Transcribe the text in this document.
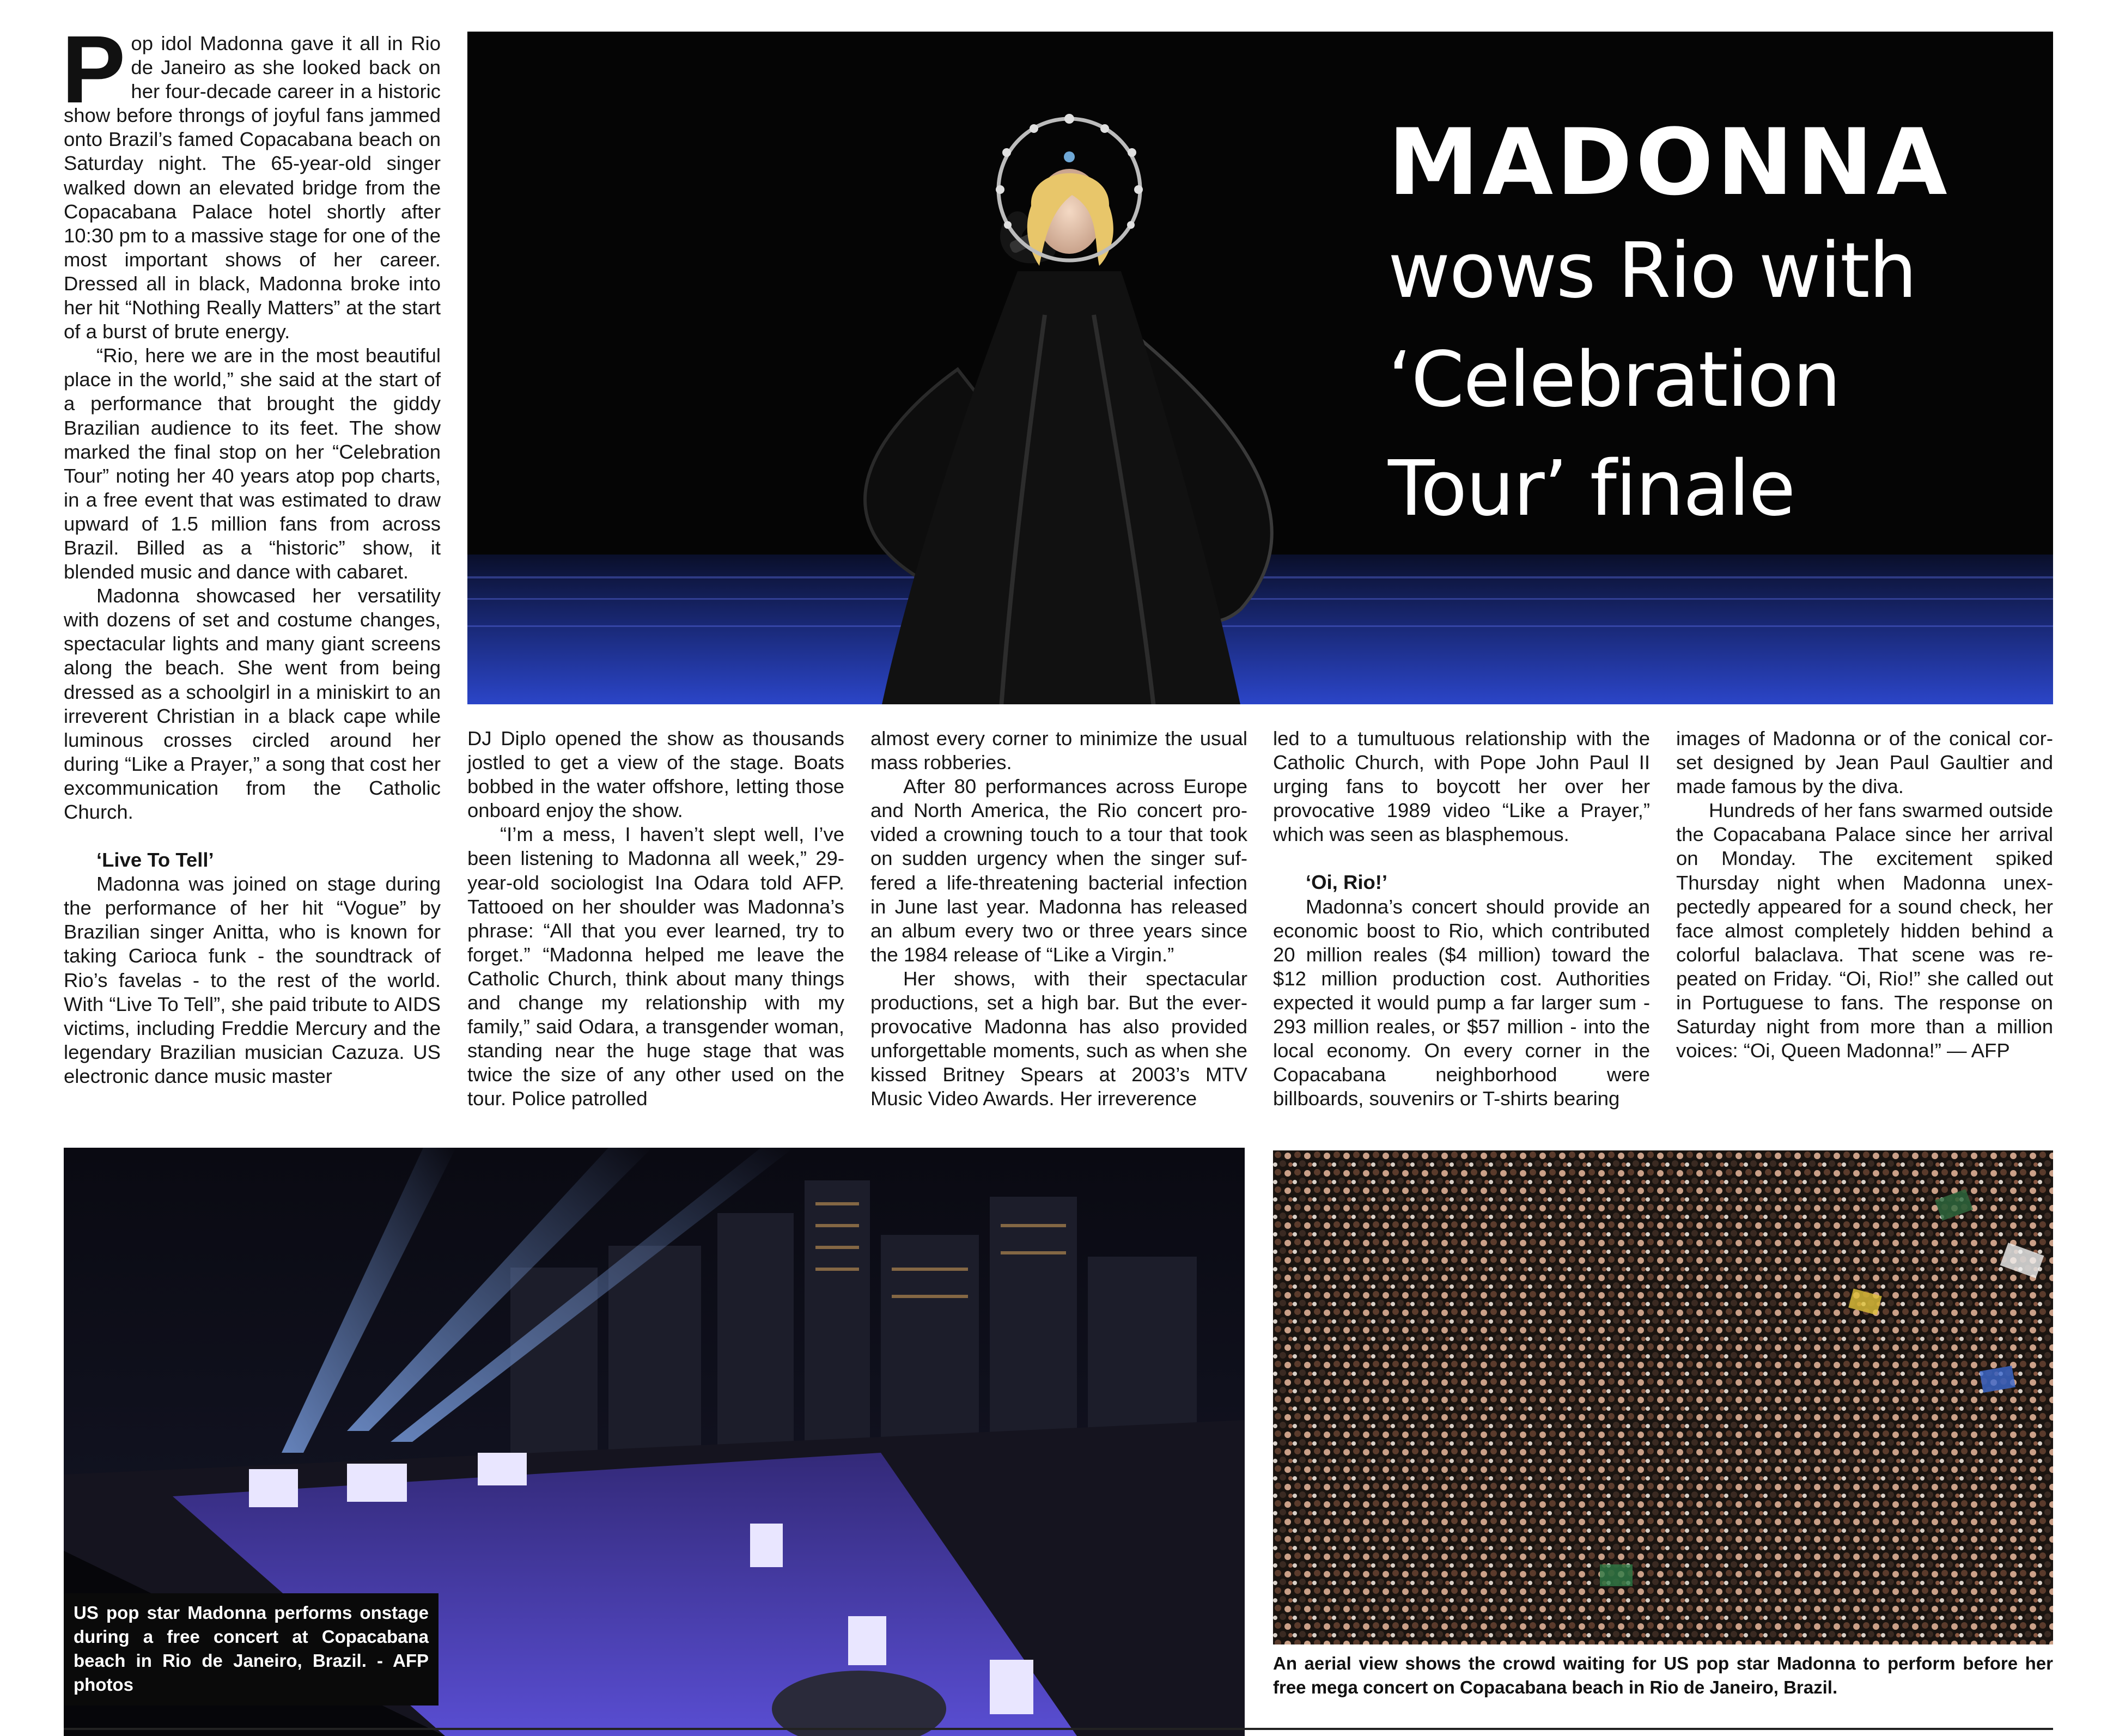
P op idol Madonna gave it all in Rio de Janeiro as she looked back on her four-decade career in a historic show before throngs of joyful fans jammed onto Brazil’s famed Copacabana beach on Saturday night. The 65-year-old singer walked down an elevated bridge from the Copacabana Palace hotel shortly after 10:30 pm to a massive stage for one of the most important shows of her career. Dressed all in black, Madonna broke into her hit “Nothing Really Matters” at the start of a burst of brute energy.

“Rio, here we are in the most beautiful place in the world,” she said at the start of a performance that brought the giddy Brazilian audience to its feet. The show marked the final stop on her “Celebration Tour” noting her 40 years atop pop charts, in a free event that was estimated to draw upward of 1.5 million fans from across Brazil. Billed as a “historic” show, it blended music and dance with cabaret.

Madonna showcased her versatility with dozens of set and costume changes, spectacular lights and many giant screens along the beach. She went from being dressed as a schoolgirl in a miniskirt to an irreverent Christian in a black cape while luminous crosses circled around her during “Like a Prayer,” a song that cost her excommunication from the Catholic Church.

‘Live To Tell’

Madonna was joined on stage during the performance of her hit “Vogue” by Brazilian singer Anitta, who is known for taking Carioca funk - the soundtrack of Rio’s favelas - to the rest of the world. With “Live To Tell”, she paid tribute to AIDS victims, including Freddie Mercury and the legendary Brazilian musician Cazuza. US electronic dance music master

MADONNA
wows Rio with
‘Celebration
Tour’ finale

DJ Diplo opened the show as thousands jostled to get a view of the stage. Boats bobbed in the water offshore, letting those onboard enjoy the show.

“I’m a mess, I haven’t slept well, I’ve been listening to Madonna all week,” 29-year-old sociologist Ina Odara told AFP. Tattooed on her shoulder was Madonna’s phrase: “All that you ever learned, try to forget.” “Madonna helped me leave the Catholic Church, think about many things and change my relationship with my family,” said Odara, a transgender woman, standing near the huge stage that was twice the size of any other used on the tour. Police patrolled

almost every corner to minimize the usual mass robberies.

After 80 performances across Europe and North America, the Rio concert provided a crowning touch to a tour that took on sudden urgency when the singer suffered a life-threatening bacterial infection in June last year. Madonna has released an album every two or three years since the 1984 release of “Like a Virgin.”

Her shows, with their spectacular productions, set a high bar. But the ever-provocative Madonna has also provided unforgettable moments, such as when she kissed Britney Spears at 2003’s MTV Music Video Awards. Her irreverence

led to a tumultuous relationship with the Catholic Church, with Pope John Paul II urging fans to boycott her over her provocative 1989 video “Like a Prayer,” which was seen as blasphemous.

‘Oi, Rio!’

Madonna’s concert should provide an economic boost to Rio, which contributed 20 million reales ($4 million) toward the $12 million production cost. Authorities expected it would pump a far larger sum - 293 million reales, or $57 million - into the local economy. On every corner in the Copacabana neighborhood were billboards, souvenirs or T-shirts bearing

images of Madonna or of the conical corset designed by Jean Paul Gaultier and made famous by the diva.

Hundreds of her fans swarmed outside the Copacabana Palace since her arrival on Monday. The excitement spiked Thursday night when Madonna unexpectedly appeared for a sound check, her face almost completely hidden behind a colorful balaclava. That scene was repeated on Friday. “Oi, Rio!” she called out in Portuguese to fans. The response on Saturday night from more than a million voices: “Oi, Queen Madonna!” — AFP

US pop star Madonna performs onstage during a free concert at Copacabana beach in Rio de Janeiro, Brazil. - AFP photos
An aerial view shows the crowd waiting for US pop star Madonna to perform before her free mega concert on Copacabana beach in Rio de Janeiro, Brazil.
